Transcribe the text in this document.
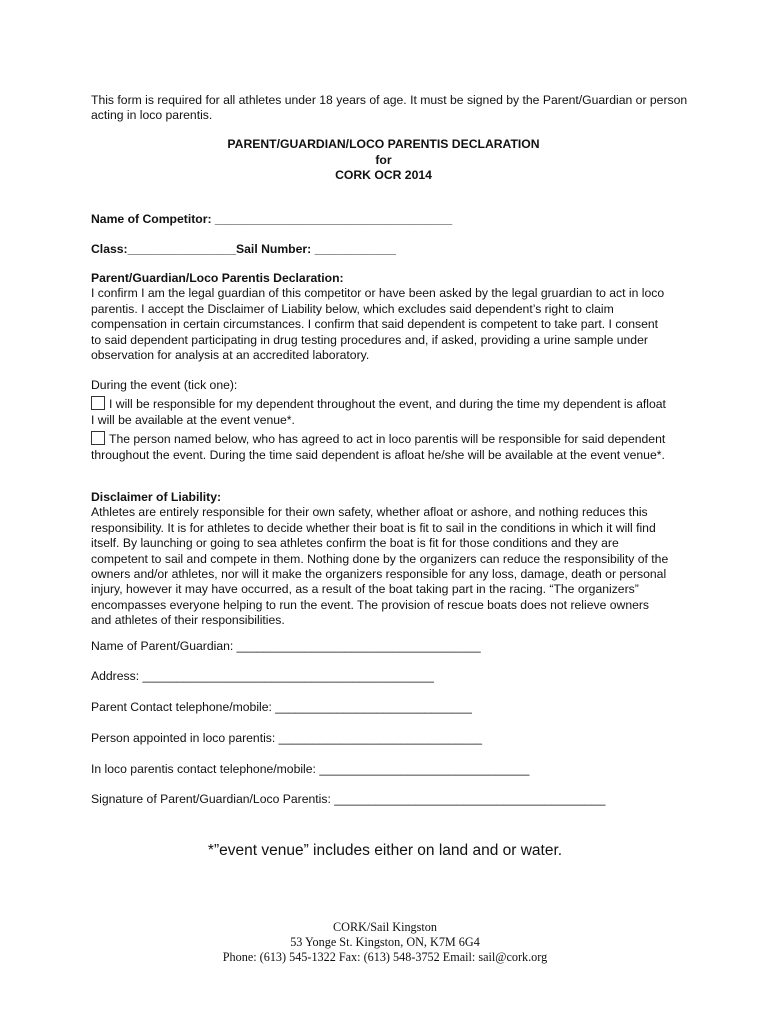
This form is required for all athletes under 18 years of age. It must be signed by the Parent/Guardian or person acting in loco parentis.
PARENT/GUARDIAN/LOCO PARENTIS DECLARATION
for
CORK OCR 2014
Name of Competitor: ___________________________________
Class:________________Sail Number: ____________
Parent/Guardian/Loco Parentis Declaration:
I confirm I am the legal guardian of this competitor or have been asked by the legal gruardian to act in loco parentis. I accept the Disclaimer of Liability below, which excludes said dependent’s right to claim compensation in certain circumstances. I confirm that said dependent is competent to take part. I consent to said dependent participating in drug testing procedures and, if asked, providing a urine sample under observation for analysis at an accredited laboratory.
During the event (tick one):
I will be responsible for my dependent throughout the event, and during the time my dependent is afloat I will be available at the event venue*.
The person named below, who has agreed to act in loco parentis will be responsible for said dependent throughout the event. During the time said dependent is afloat he/she will be available at the event venue*.
Disclaimer of Liability:
Athletes are entirely responsible for their own safety, whether afloat or ashore, and nothing reduces this responsibility. It is for athletes to decide whether their boat is fit to sail in the conditions in which it will find itself. By launching or going to sea athletes confirm the boat is fit for those conditions and they are competent to sail and compete in them. Nothing done by the organizers can reduce the responsibility of the owners and/or athletes, nor will it make the organizers responsible for any loss, damage, death or personal injury, however it may have occurred, as a result of the boat taking part in the racing. “The organizers” encompasses everyone helping to run the event. The provision of rescue boats does not relieve owners and athletes of their responsibilities.
Name of Parent/Guardian: ____________________________________
Address: ___________________________________________
Parent Contact telephone/mobile: _____________________________
Person appointed in loco parentis: ______________________________
In loco parentis contact telephone/mobile: _______________________________
Signature of Parent/Guardian/Loco Parentis: ________________________________________
*”event venue” includes either on land and or water.
CORK/Sail Kingston
53 Yonge St. Kingston, ON, K7M 6G4
Phone: (613) 545-1322 Fax: (613) 548-3752 Email: sail@cork.org
